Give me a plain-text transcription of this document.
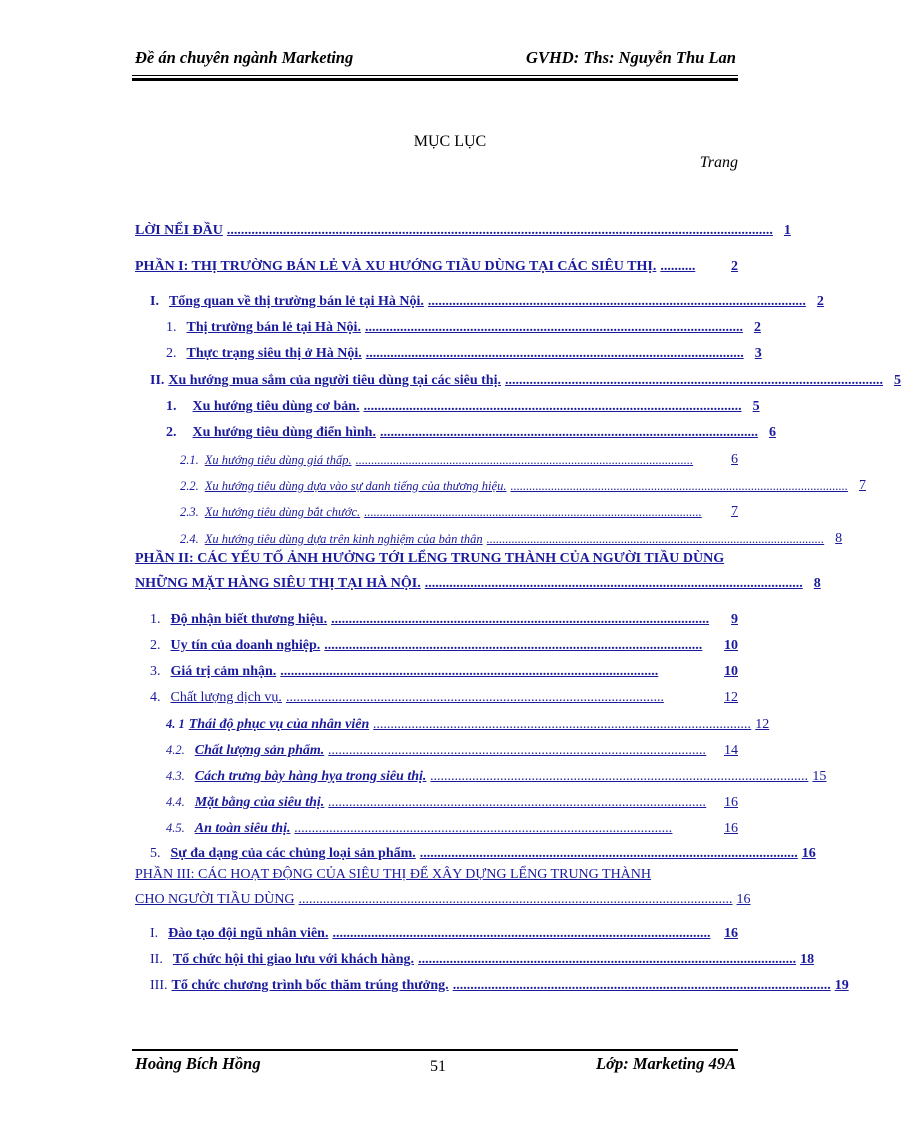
Đề án chuyên ngành Marketing	GVHD: Ths: Nguyễn Thu Lan
MỤC LỤC
Trang
LỜI NỂI ĐẦU ............................................................................................................................................................ 1
PHẦN I: THỊ TRƯỜNG BÁN LẺ VÀ XU HƯỚNG TIẦU DÙNG TẠI CÁC SIÊU THỊ. ..........	2
I. Tổng quan về thị trường bán lẻ tại Hà Nội. ............................................................................................................ 2
1. Thị trường bán lẻ tại Hà Nội. ............................................................................................................ 2
2. Thực trạng siêu thị ở Hà Nội. ............................................................................................................ 3
II. Xu hướng mua sắm của người tiêu dùng tại các siêu thị. ............................................................................................................ 5
1. Xu hướng tiêu dùng cơ bản. ............................................................................................................ 5
2. Xu hướng tiêu dùng điển hình. ............................................................................................................ 6
2.1. Xu hướng tiêu dùng giá thấp. ............................................................................................................	6
2.2. Xu hướng tiêu dùng dựa vào sự danh tiếng của thương hiệu. ............................................................................................................ 7
2.3. Xu hướng tiêu dùng bắt chước. ............................................................................................................	7
2.4. Xu hướng tiêu dùng dựa trên kinh nghiệm của bản thân ............................................................................................................ 8
PHẦN II: CÁC YẾU TỐ ẢNH HƯỞNG TỚI LỂNG TRUNG THÀNH CỦA NGƯỜI TIẦU DÙNG
NHỮNG MẶT HÀNG SIÊU THỊ TẠI HÀ NỘI. ............................................................................................................ 8
1. Độ nhận biết thương hiệu. ............................................................................................................	9
2. Uy tín của doanh nghiệp. ............................................................................................................	10
3. Giá trị cảm nhận. ............................................................................................................	10
4. Chất lượng dịch vụ. ............................................................................................................	12
4. 1 Thái độ phục vụ của nhân viên ............................................................................................................ 12
4.2. Chất lượng sản phẩm. ............................................................................................................	14
4.3. Cách trưng bày hàng hỵa trong siêu thị. ............................................................................................................ 15
4.4. Mặt bằng của siêu thị. ............................................................................................................	16
4.5. An toàn siêu thị. ............................................................................................................	16
5. Sự đa dạng của các chủng loại sản phẩm. ............................................................................................................ 16
PHẦN III: CÁC HOẠT ĐỘNG CỦA SIÊU THỊ ĐỂ XÂY DỰNG LỂNG TRUNG THÀNH
CHO NGƯỜI TIẦU DÙNG ............................................................................................................................ 16
I. Đào tạo đội ngũ nhân viên. ............................................................................................................ 16
II. Tổ chức hội thi giao lưu với khách hàng. ............................................................................................................ 18
III. Tổ chức chương trình bốc thăm trúng thưởng. ............................................................................................................ 19
Hoàng Bích Hồng	51	Lớp: Marketing 49A
